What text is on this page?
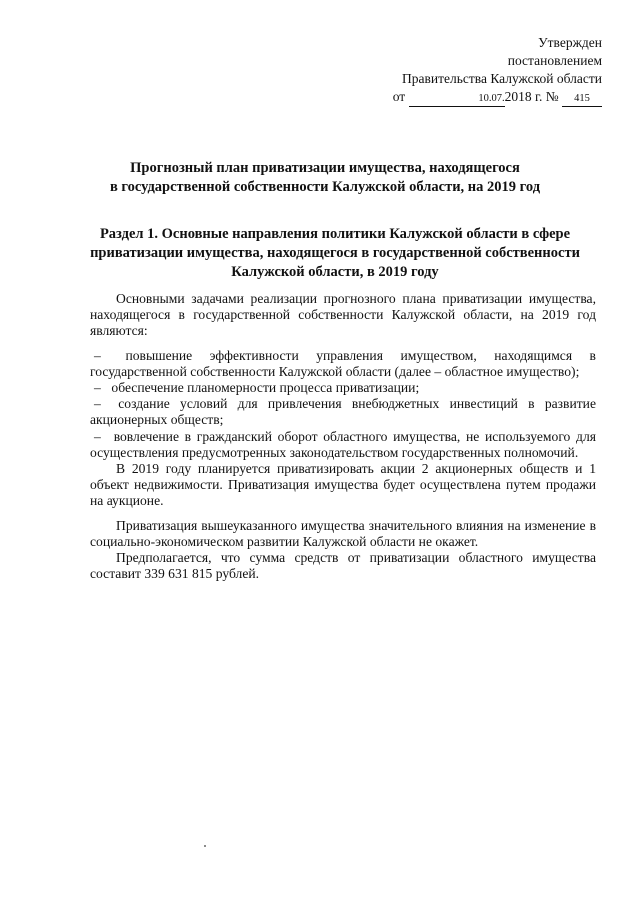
Утвержден
постановлением
Правительства Калужской области
от	10.07.2018 г. № 415
Прогнозный план приватизации имущества, находящегося
в государственной собственности Калужской области, на 2019 год
Раздел 1. Основные направления политики Калужской области в сфере
приватизации имущества, находящегося в государственной собственности
Калужской области, в 2019 году

Основными задачами реализации прогнозного плана приватизации имущества, находящегося в государственной собственности Калужской области, на 2019 год являются:

– повышение эффективности управления имуществом, находящимся в государственной собственности Калужской области (далее – областное имущество);

– обеспечение планомерности процесса приватизации;

– создание условий для привлечения внебюджетных инвестиций в развитие акционерных обществ;

– вовлечение в гражданский оборот областного имущества, не используемого для осуществления предусмотренных законодательством государственных полномочий.

В 2019 году планируется приватизировать акции 2 акционерных обществ и 1 объект недвижимости. Приватизация имущества будет осуществлена путем продажи на аукционе.

Приватизация вышеуказанного имущества значительного влияния на изменение в социально-экономическом развитии Калужской области не окажет.

Предполагается, что сумма средств от приватизации областного имущества составит 339 631 815 рублей.
